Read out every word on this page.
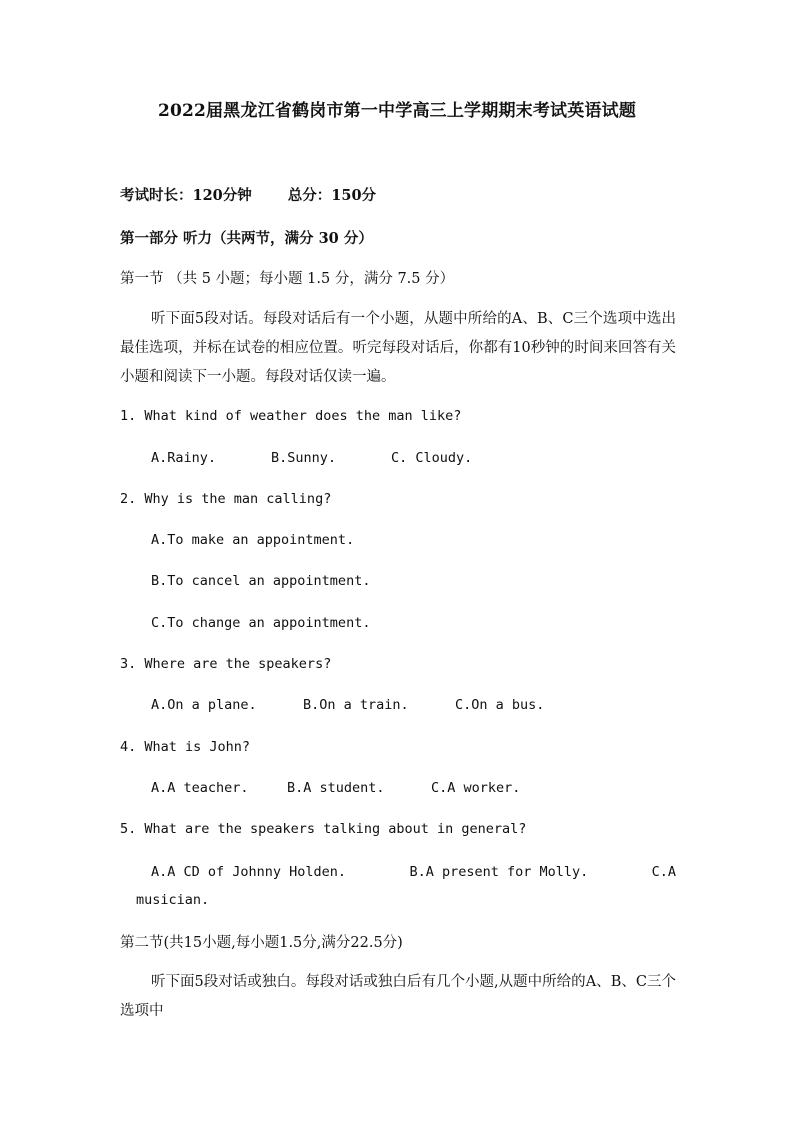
2022届黑龙江省鹤岗市第一中学高三上学期期末考试英语试题
考试时长：120分钟 总分：150分
第一部分 听力（共两节，满分 30 分）
第一节 （共 5 小题；每小题 1.5 分，满分 7.5 分）
听下面5段对话。每段对话后有一个小题，从题中所给的A、B、C三个选项中选出最佳选项，并标在试卷的相应位置。听完每段对话后，你都有10秒钟的时间来回答有关小题和阅读下一小题。每段对话仅读一遍。
1. What kind of weather does the man like?
A.Rainy.	B.Sunny.	C. Cloudy.
2. Why is the man calling?
A.To make an appointment.
B.To cancel an appointment.
C.To change an appointment.
3. Where are the speakers?
A.On a plane.	B.On a train.	C.On a bus.
4. What is John?
A.A teacher.	B.A student.	C.A worker.
5. What are the speakers talking about in general?
A.A CD of Johnny Holden.	B.A present for Molly.	C.A
musician.
第二节(共15小题,每小题1.5分,满分22.5分)
听下面5段对话或独白。每段对话或独白后有几个小题,从题中所给的A、B、C三个选项中
